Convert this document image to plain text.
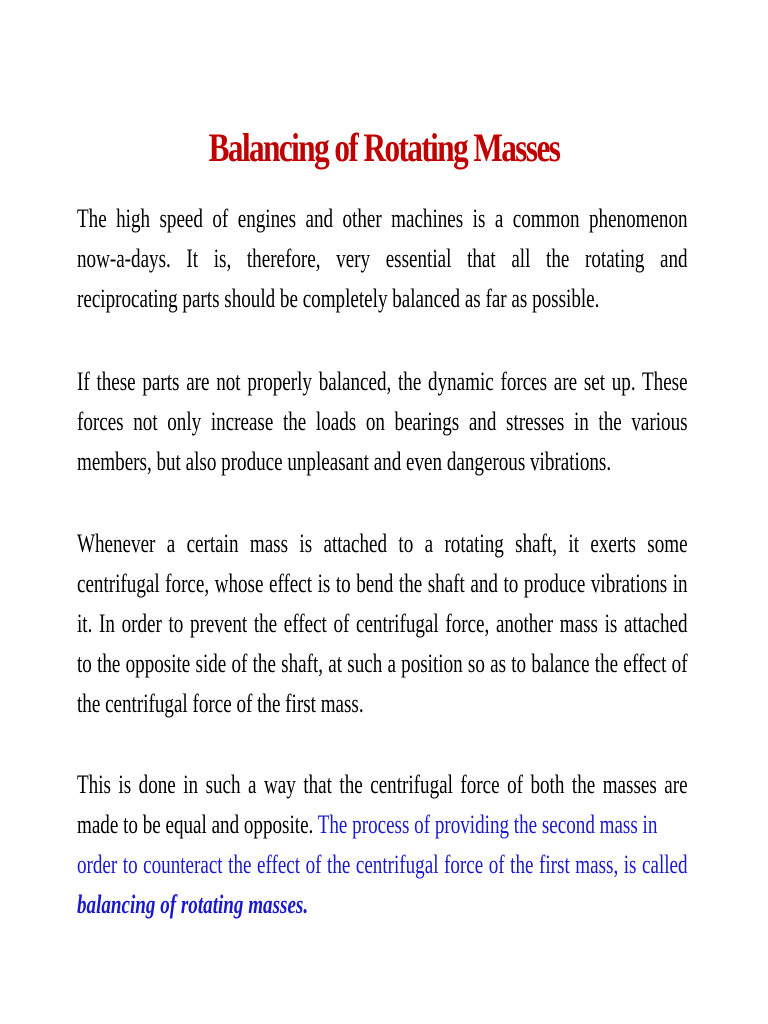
Balancing of Rotating Masses

The high speed of engines and other machines is a common phenomenon
now-a-days. It is, therefore, very essential that all the rotating and
reciprocating parts should be completely balanced as far as possible.

If these parts are not properly balanced, the dynamic forces are set up. These
forces not only increase the loads on bearings and stresses in the various
members, but also produce unpleasant and even dangerous vibrations.

Whenever a certain mass is attached to a rotating shaft, it exerts some
centrifugal force, whose effect is to bend the shaft and to produce vibrations in
it. In order to prevent the effect of centrifugal force, another mass is attached
to the opposite side of the shaft, at such a position so as to balance the effect of
the centrifugal force of the first mass.

This is done in such a way that the centrifugal force of both the masses are
made to be equal and opposite. The process of providing the second mass in
order to counteract the effect of the centrifugal force of the first mass, is called
balancing of rotating masses.
